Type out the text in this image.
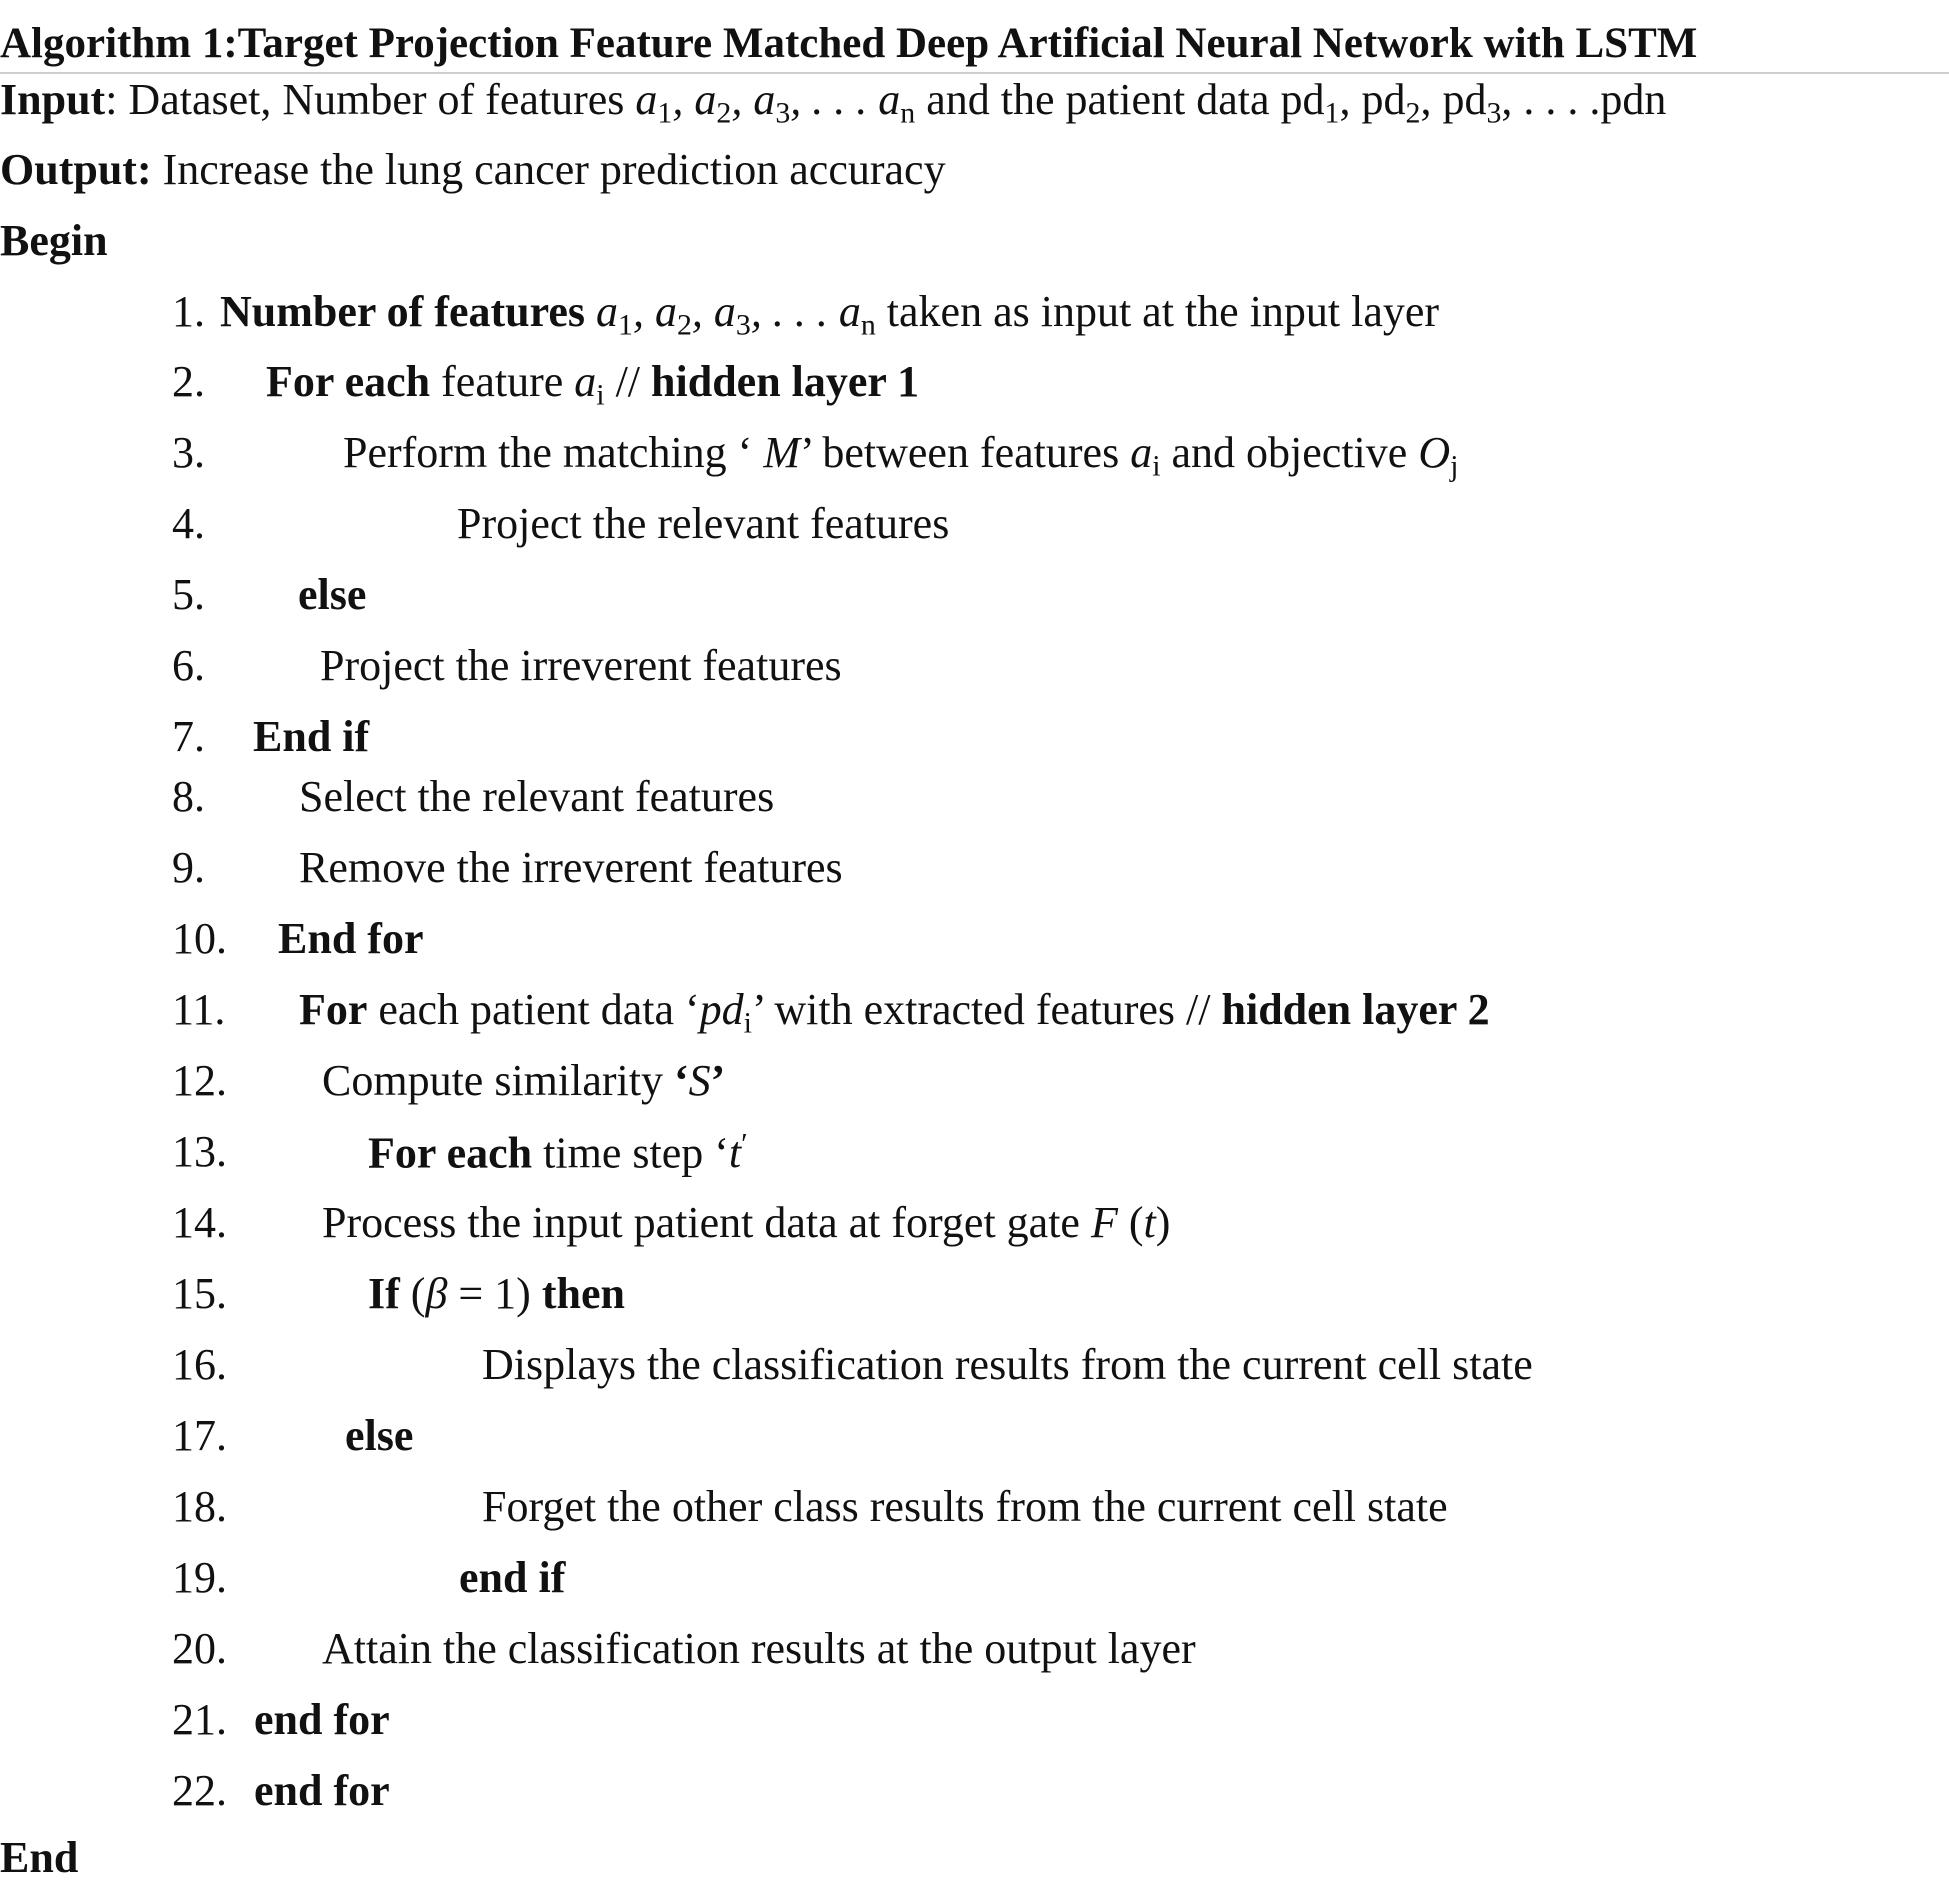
Algorithm 1:Target Projection Feature Matched Deep Artificial Neural Network with LSTM
Input: Dataset, Number of features $a_1$, $a_2$, $a_3$, . . . $a_n$ and the patient data $pd_1$, $pd_2$, $pd_3$, . . . .pdn
Output: Increase the lung cancer prediction accuracy
Begin
1. Number of features $a_1$, $a_2$, $a_3$, . . . $a_n$ taken as input at the input layer
2. For each feature $a_i$ // hidden layer 1
3.	Perform the matching ‘ M’ between features $a_i$ and objective $O_j$
4.	Project the relevant features
5. else
6.	Project the irreverent features
7. End if
8. Select the relevant features
9. Remove the irreverent features
10. End for
11. For each patient data ‘$pd_i$’ with extracted features // hidden layer 2
12. Compute similarity ‘S’
13.	For each time step ‘t′
14. Process the input patient data at forget gate F (t)
15.	If (β = 1) then
16.	Displays the classification results from the current cell state
17.	else
18.	Forget the other class results from the current cell state
19.	end if
20. Attain the classification results at the output layer
21. end for
22. end for
End
